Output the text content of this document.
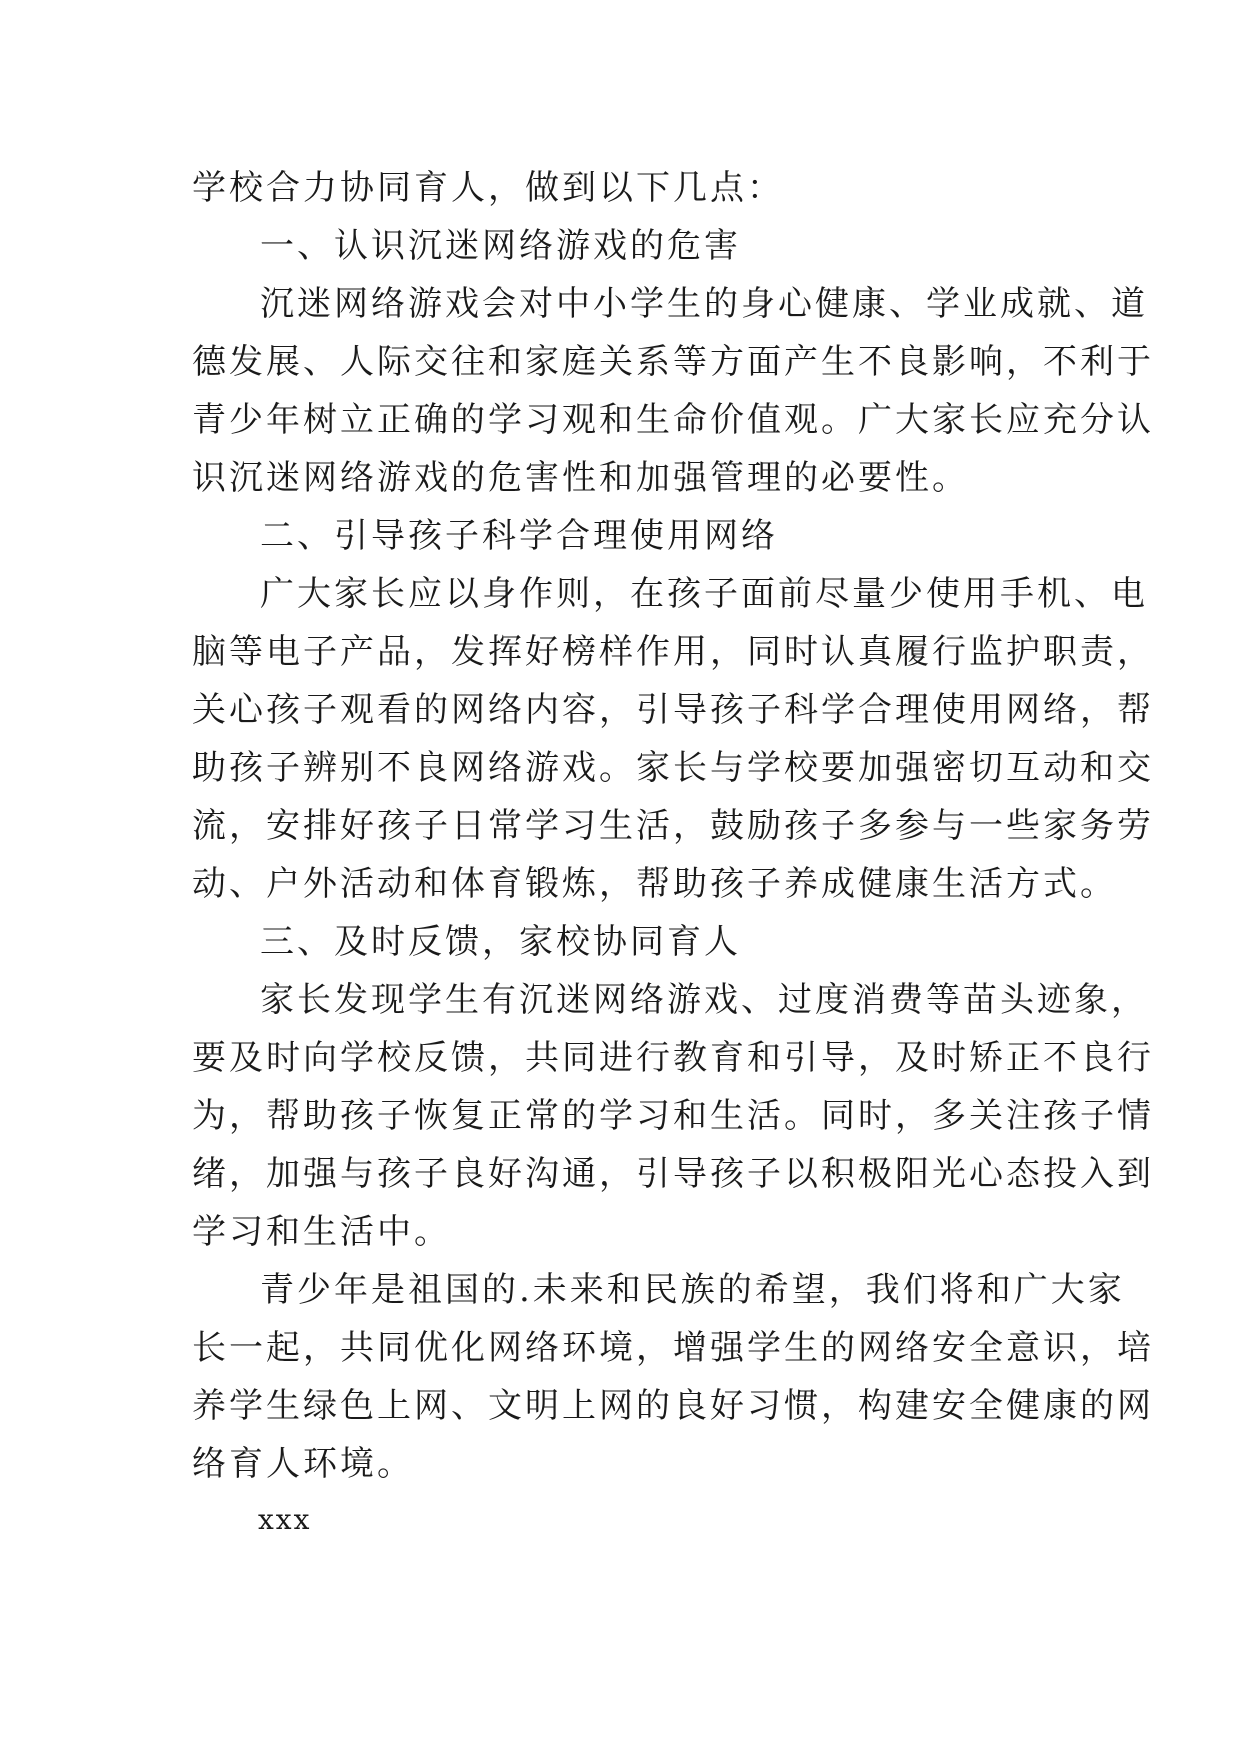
学校合力协同育人，做到以下几点：
一、认识沉迷网络游戏的危害
沉迷网络游戏会对中小学生的身心健康、学业成就、道
德发展、人际交往和家庭关系等方面产生不良影响，不利于
青少年树立正确的学习观和生命价值观。广大家长应充分认
识沉迷网络游戏的危害性和加强管理的必要性。
二、引导孩子科学合理使用网络
广大家长应以身作则，在孩子面前尽量少使用手机、电
脑等电子产品，发挥好榜样作用，同时认真履行监护职责，
关心孩子观看的网络内容，引导孩子科学合理使用网络，帮
助孩子辨别不良网络游戏。家长与学校要加强密切互动和交
流，安排好孩子日常学习生活，鼓励孩子多参与一些家务劳
动、户外活动和体育锻炼，帮助孩子养成健康生活方式。
三、及时反馈，家校协同育人
家长发现学生有沉迷网络游戏、过度消费等苗头迹象，
要及时向学校反馈，共同进行教育和引导，及时矫正不良行
为，帮助孩子恢复正常的学习和生活。同时，多关注孩子情
绪，加强与孩子良好沟通，引导孩子以积极阳光心态投入到
学习和生活中。
青少年是祖国的.未来和民族的希望，我们将和广大家
长一起，共同优化网络环境，增强学生的网络安全意识，培
养学生绿色上网、文明上网的良好习惯，构建安全健康的网
络育人环境。
xxx
